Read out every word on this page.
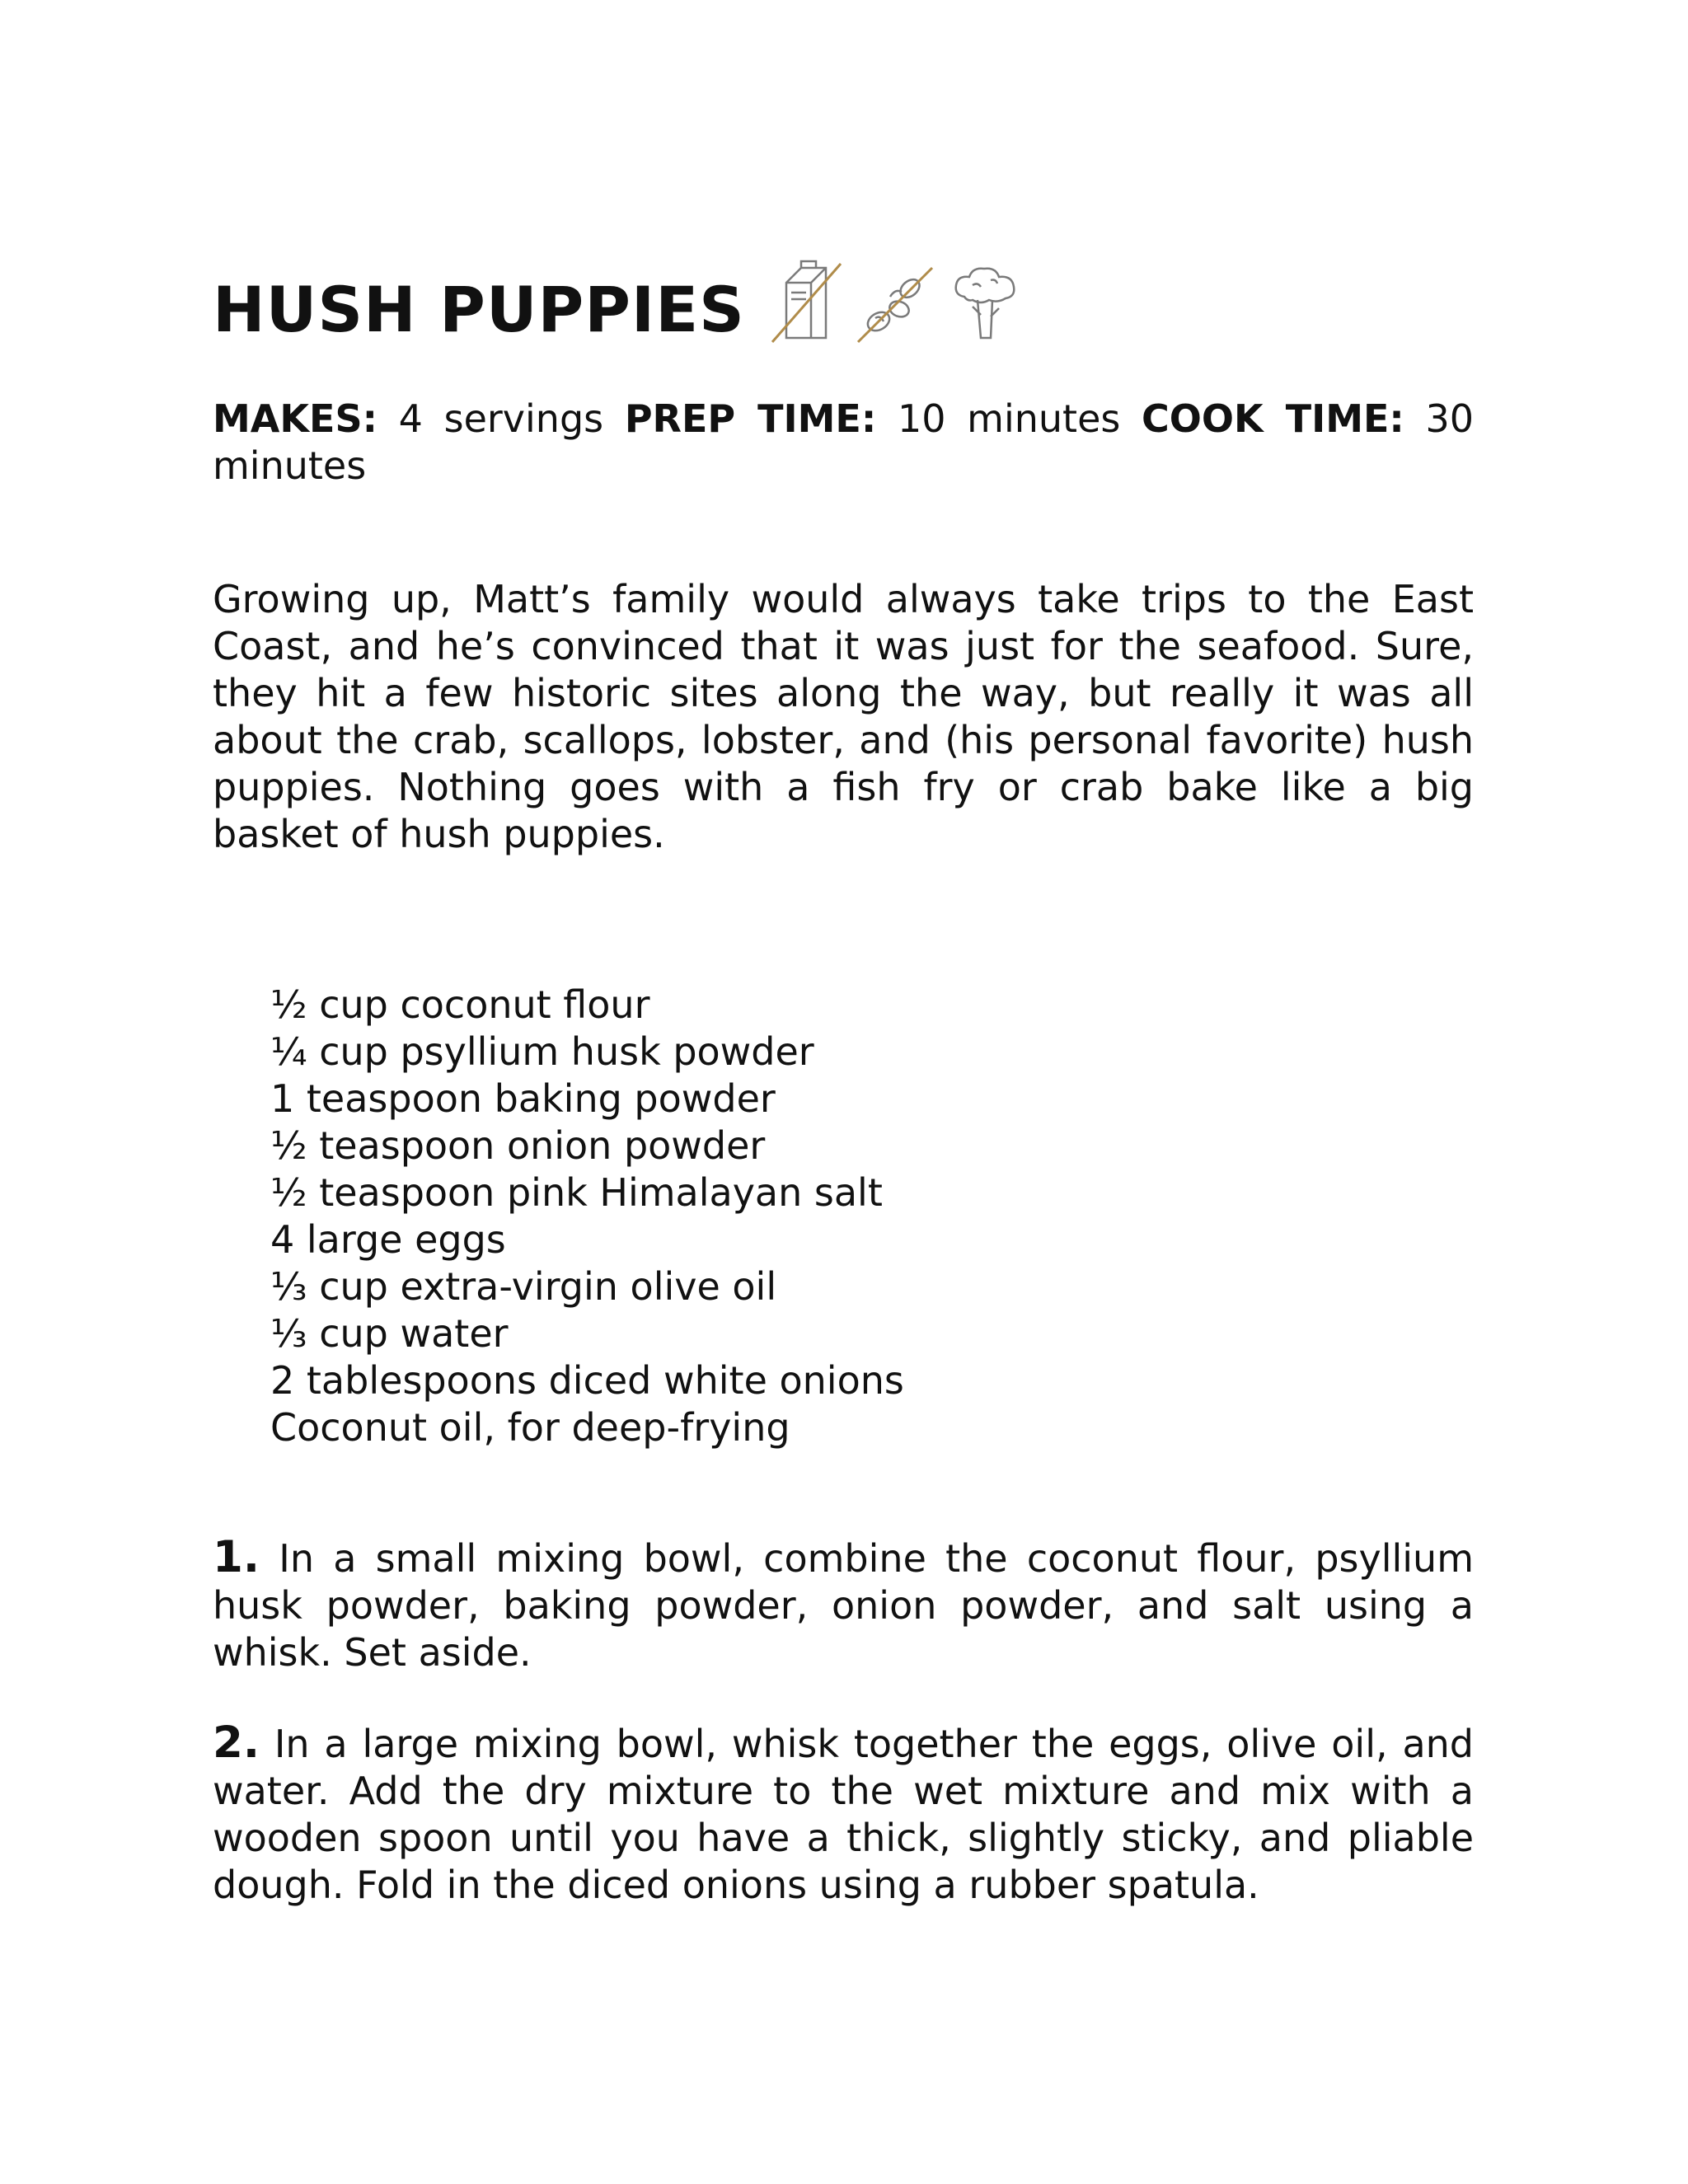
HUSH PUPPIES
MAKES: 4 servings PREP TIME: 10 minutes COOK TIME: 30 minutes

Growing up, Matt’s family would always take trips to the East Coast, and he’s convinced that it was just for the seafood. Sure, they hit a few historic sites along the way, but really it was all about the crab, scallops, lobster, and (his personal favorite) hush puppies. Nothing goes with a fish fry or crab bake like a big basket of hush puppies.

½ cup coconut flour
¼ cup psyllium husk powder
1 teaspoon baking powder
½ teaspoon onion powder
½ teaspoon pink Himalayan salt
4 large eggs
⅓ cup extra-virgin olive oil
⅓ cup water
2 tablespoons diced white onions
Coconut oil, for deep-frying

1. In a small mixing bowl, combine the coconut flour, psyllium husk powder, baking powder, onion powder, and salt using a whisk. Set aside.

2. In a large mixing bowl, whisk together the eggs, olive oil, and water. Add the dry mixture to the wet mixture and mix with a wooden spoon until you have a thick, slightly sticky, and pliable dough. Fold in the diced onions using a rubber spatula.
